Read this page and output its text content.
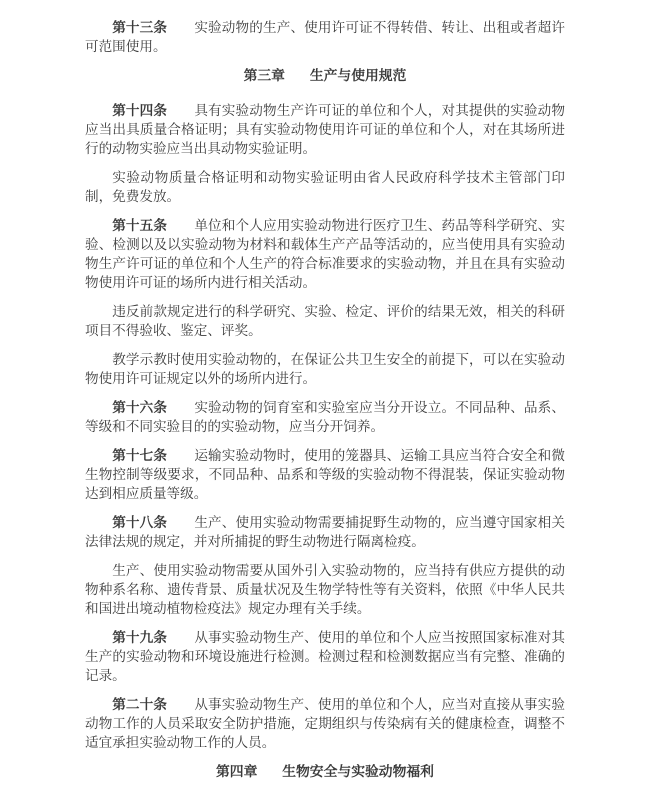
第十三条 实验动物的生产、使用许可证不得转借、转让、出租或者超许可范围使用。

第三章 生产与使用规范

第十四条 具有实验动物生产许可证的单位和个人，对其提供的实验动物应当出具质量合格证明；具有实验动物使用许可证的单位和个人，对在其场所进行的动物实验应当出具动物实验证明。

实验动物质量合格证明和动物实验证明由省人民政府科学技术主管部门印制，免费发放。

第十五条 单位和个人应用实验动物进行医疗卫生、药品等科学研究、实验、检测以及以实验动物为材料和载体生产产品等活动的，应当使用具有实验动物生产许可证的单位和个人生产的符合标准要求的实验动物，并且在具有实验动物使用许可证的场所内进行相关活动。

违反前款规定进行的科学研究、实验、检定、评价的结果无效，相关的科研项目不得验收、鉴定、评奖。

教学示教时使用实验动物的，在保证公共卫生安全的前提下，可以在实验动物使用许可证规定以外的场所内进行。

第十六条 实验动物的饲育室和实验室应当分开设立。不同品种、品系、等级和不同实验目的的实验动物，应当分开饲养。

第十七条 运输实验动物时，使用的笼器具、运输工具应当符合安全和微生物控制等级要求，不同品种、品系和等级的实验动物不得混装，保证实验动物达到相应质量等级。

第十八条 生产、使用实验动物需要捕捉野生动物的，应当遵守国家相关法律法规的规定，并对所捕捉的野生动物进行隔离检疫。

生产、使用实验动物需要从国外引入实验动物的，应当持有供应方提供的动物种系名称、遗传背景、质量状况及生物学特性等有关资料，依照《中华人民共和国进出境动植物检疫法》规定办理有关手续。

第十九条 从事实验动物生产、使用的单位和个人应当按照国家标准对其生产的实验动物和环境设施进行检测。检测过程和检测数据应当有完整、准确的记录。

第二十条 从事实验动物生产、使用的单位和个人，应当对直接从事实验动物工作的人员采取安全防护措施，定期组织与传染病有关的健康检查，调整不适宜承担实验动物工作的人员。

第四章 生物安全与实验动物福利
